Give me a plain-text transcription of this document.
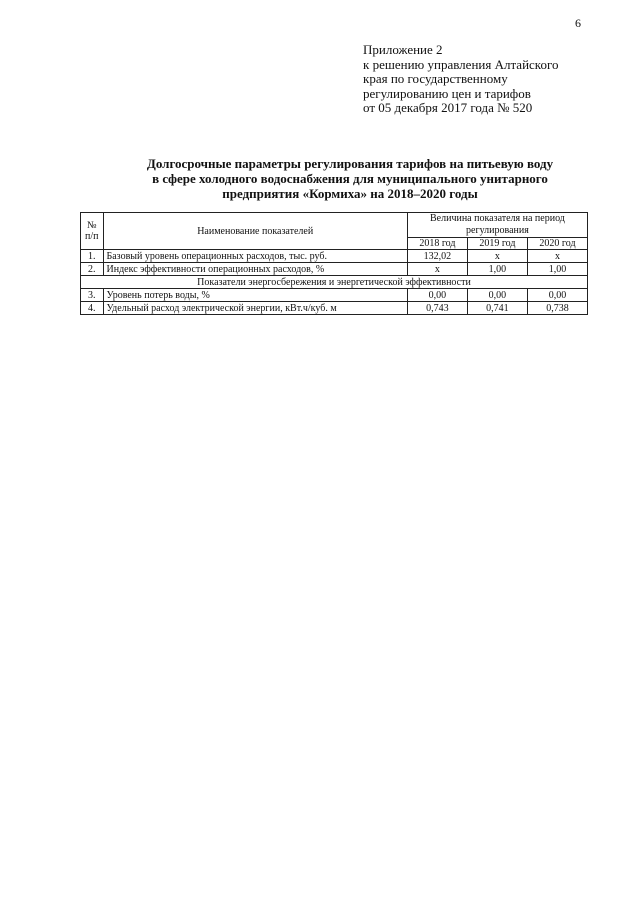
6
Приложение 2
к решению управления Алтайского
края по государственному
регулированию цен и тарифов
от 05 декабря 2017 года № 520
Долгосрочные параметры регулирования тарифов на питьевую воду
в сфере холодного водоснабжения для муниципального унитарного
предприятия «Кормиха» на 2018–2020 годы
№
п/п	Наименование показателей	Величина показателя на период регулирования		
		2018 год	2019 год	2020 год
1.	Базовый уровень операционных расходов, тыс. руб.	132,02	х	х
2.	Индекс эффективности операционных расходов, %	х	1,00	1,00
Показатели энергосбережения и энергетической эффективности				
3.	Уровень потерь воды, %	0,00	0,00	0,00
4.	Удельный расход электрической энергии, кВт.ч/куб. м	0,743	0,741	0,738
